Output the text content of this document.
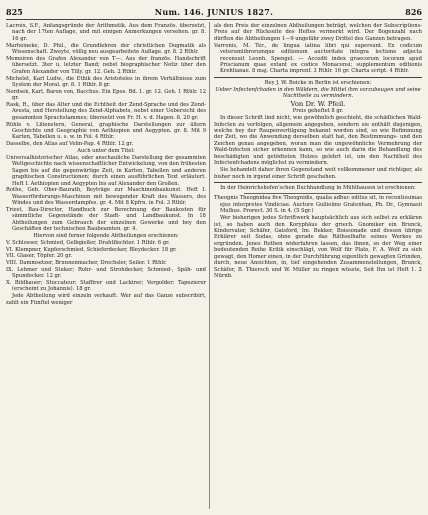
825	Num. 146. JUNIUS 1827.	826

Lacroix, S.F., Anfangsgründe der Arithmetik. Aus dem Französ. übersetzt, nach der 17ten Auflage, und mit einigen Anmerkungen versehen. gr. 8. 16 gr.

Marheineke, D. Phil., die Grundlehren der christlichen Dogmatik als Wissenschaft. Zweyte, völlig neu ausgearbeitete Auflage. gr. 8. 2 Rthlr.

Memoiren des Grafen Alexander von T—. Aus der französ. Handschrift übersetzt. 3ter u. letzter Band; nebst biographischer Notiz über den Grafen Alexander von Tilly. gr. 12. Geh. 2 Rthlr.

Michelet, Karl Ludw., die Ethik des Aristoteles in ihrem Verhältnisse zum System der Moral. gr. 8. 1 Rthlr. 8 gr.

Nordsek, Karl, Baron von, Bacchus. Ein Epos. Bd. 1. gr. 12. Geh. 1 Rthlr. 12 gr.

Rask, R., über das Alter und die Echtheit der Zend-Sprache und des Zend-Avesta, und Herstellung des Zend-Alphabets, nebst einer Uebersicht des gesammten Sprachstammes; übersetzt von Fr. H. v. d. Hagen. 8. 20 gr.

Rühle v. Lilienstern, General, graphische Darstellungen zur ältern Geschichte und Geographie von Aethiopien und Aegypten. gr. 8. Mit 9 Karten, Tabellen u. s. w. in Fol. 4 Rthlr.

Dasselbe, den Atlas auf Velin-Pap. 4 Rthlr. 12 gr.

Auch unter dem Titel:

Universalhistorischer Atlas, oder anschauliche Darstellung der gesammten Weltgeschichte nach wissenschaftlicher Entwickelung, von den frühesten Sagen bis auf die gegenwärtige Zeit, in Karten, Tabellen und anderen graphischen Constructionen; durch einen ausführlichen Text erläutert. Heft I. Aethiopien und Aegypten bis auf Alexander den Großen.

Rothe, Geh. Ober-Baurath, Beyträge zur Maschinenbaukunst. Heft I. Wasserförderungs-Maschinen mit bewegender Kraft des Wassers, des Windes und des Wasserdampfes. gr. 4. Mit 8 Kpfrn. in Fol. 3 Rthlr.

Triest, Bau-Director, Handbuch zur Berechnung der Baukosten für sämmtliche Gegenstände der Stadt- und Landbaukunst. In 18 Abtheilungen zum Gebrauch der einzelnen Gewerke und bey den Geschäften der technischen Baubeamten. gr. 4.

Hiervon sind ferner folgende Abtheilungen erschienen:

V. Schlosser, Schmied, Gelbgießer, Drahtflechter. 1 Rthlr. 6 gr.

VI. Klempner, Kupferschmied, Schieferdecker, Bleydecker. 18 gr.

VII. Glaser, Töpfer. 20 gr.

VIII. Dammsetzer, Brunnenmacher, Drechsler, Seiler. 1 Rthlr.

IX. Lehmer und Stuker; Rohr- und Strohdecker, Schmied-, Späh- und Spundecker. 12 gr.

X. Bildhauer; Stuccateur; Staffirer und Lackirer; Vergolder; Tapezierer (erscheint zu Johannis). 18 gr.

Jede Abtheilung wird einzeln verkauft. Wer auf das Ganze subscribirt, zahlt ein Fünftel weniger

als den Preis der einzelnen Abtheilungen beträgt, welchen der Subscriptions-Preis auf der Rückseite des Heftes vermerkt wird. Der Bogenzahl nach dürften die Abtheilungen 1—9 ungefähr zwey Drittel des Ganzen betragen.

Varronis, M. Ter., de lingua latina libri qui supersunt. Ex codicum veterumlibrorumque editionum auctoritate integra lectione adjecta recensuit Leonh. Spengel. — Accedit index graecorum locorum apud Priscianum quae extant ex codice Monacensi; supplementum editionis Krehlianae. 8 maj. Charta imprenf. 3 Rthlr. 16 gr. Charta script. 4 Rthlr.

Bey J. W. Boicke in Berlin ist erschienen:

Ueber Infectenfchaden in den Wäldern, die Mittel ihm vorzubeugen und seine Nachtheile zu vermindern.

Von Dr. W. Pfeil.

Preis geheftet 8 gr.

In dieser Schrift lind nicht, wie gewöhnlich geschieht, die schädlichen Wald-Infecten zu verfolgen, allgemein angegeben, sondern sie enthält diejenigen, welche bey der Raupenvertilgung bekannt worden sind, so wie Befimmung der Zeit, wo die Anwendung derselben statt hat, den Bestimmungs- und den Zeichen genau angegeben, woran man die ungewöhnliche Vermehrung der Wald-Infecten sicher erkennen kann, so wie auch darin die Behandlung des beschädigten und getödteten Holzes gelehrt ist, um den Nachtheil des Infectenfchadens möglichst zu vermindern.

Sie behandelt daher ihren Gegenstand weit vollkommener und richtiger, als bisher noch in irgend einer Schrift geschehen.

In der Heinrichshofen'schen Buchhandlung in Mühlhausen ist erschienen:

Theognis Theognidea five Theognidis, qualia adhuc editus sit, in recentissimas ejus interpretes Vindiciae. Auctore Guilielmo Gratenhan, Ph. Dr., Gymnasii Mulhus. Prorect. 30 S. in 4. (5 Sgr.)

Wer bisherigen jedes Schriftwerk hauptsächlich aus sich selbst zu erklären ist, so haben auch den Koryphäus der griech. Gnomiker ein Brunck, Kindervater, Schäfer, Gaisford, Im. Bekker, Boissonade und dessen übrige Erklärer seit Sudas, ohne gerade das Räthselhafte seines Werkes zu ergründen. Jenes Rothen widerfahren lassen, das ihnen, so der Weg einer bedeutenden Reihe Kritik einschlägt, von Wolf für Plato, F. A. Wolf zu sieh gewagt, den Homer einen, in der Durchführung eigentlich gewagten Gründen, durch, neue Ansichten, in, tief eingehenden Zusammenstellungen, Brunck, Schäfer, B. Thiersch und W. Müller zu ringen wüsste, Seit Ihn ist Heft 1. 2 Nürnb.
